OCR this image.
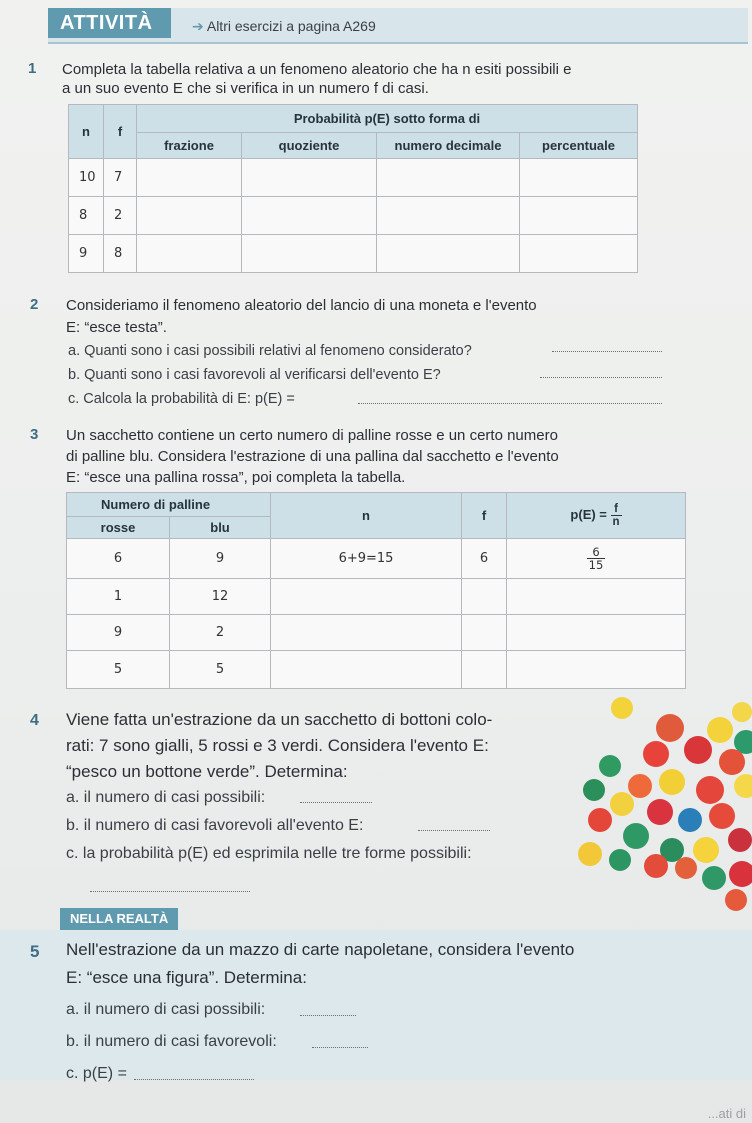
ATTIVITÀ	➔ Altri esercizi a pagina A269
1 Completa la tabella relativa a un fenomeno aleatorio che ha n esiti possibili e
a un suo evento E che si verifica in un numero f di casi.
n	f	Probabilità p(E) sotto forma di			
		frazione	quoziente	numero decimale	percentuale
10	7				
8	2				
9	8				
2 Consideriamo il fenomeno aleatorio del lancio di una moneta e l'evento
E: “esce testa”.
a. Quanti sono i casi possibili relativi al fenomeno considerato?
b. Quanti sono i casi favorevoli al verificarsi dell'evento E?
c. Calcola la probabilità di E: p(E) =
3 Un sacchetto contiene un certo numero di palline rosse e un certo numero
di palline blu. Considera l'estrazione di una pallina dal sacchetto e l'evento
E: “esce una pallina rossa”, poi completa la tabella.
Numero di palline		n	f	$p(E) = \frac{f}{n}$

rosse	blu			
6	9	6+9=15	6	$\frac{6}{15}$

1	12			
9	2			
5	5			
4 Viene fatta un'estrazione da un sacchetto di bottoni colo-
rati: 7 sono gialli, 5 rossi e 3 verdi. Considera l'evento E:
“pesco un bottone verde”. Determina:
a. il numero di casi possibili:
b. il numero di casi favorevoli all'evento E:
c. la probabilità p(E) ed esprimila nelle tre forme possibili:
NELLA REALTÀ
5 Nell'estrazione da un mazzo di carte napoletane, considera l'evento
E: “esce una figura”. Determina:
a. il numero di casi possibili:
b. il numero di casi favorevoli:
c. p(E) =
...ati di
